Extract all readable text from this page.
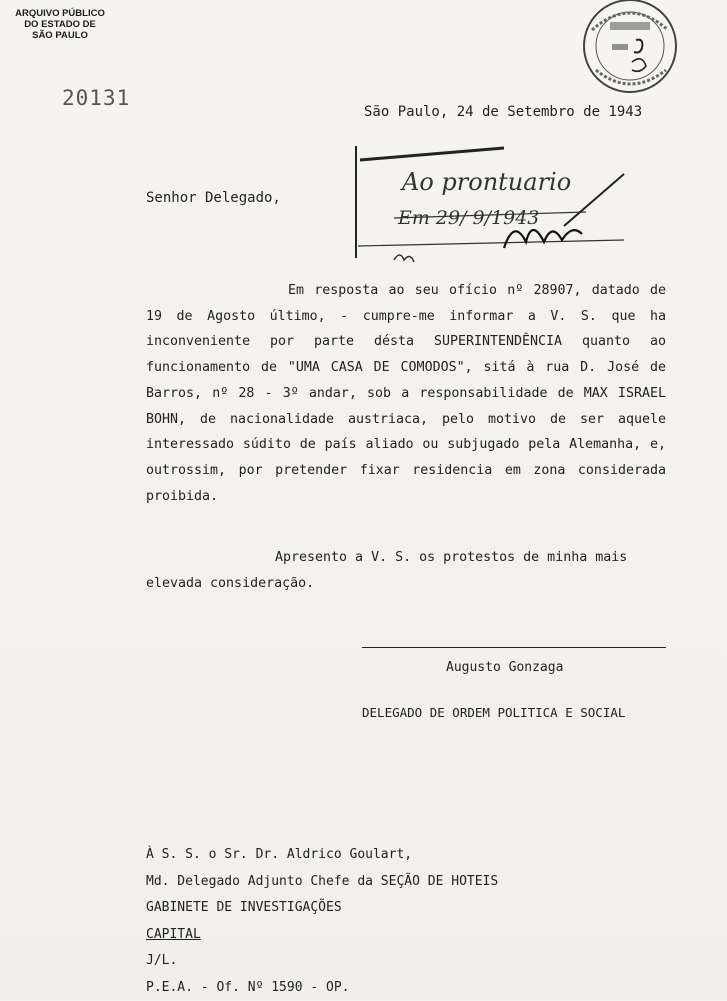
ARQUIVO PÚBLICO
DO ESTADO DE
SÃO PAULO
20131
São Paulo, 24 de Setembro de 1943
Ao prontuario
Em 29/ 9/1943
Senhor Delegado,

Em resposta ao seu ofício nº 28907, datado de 19 de Agosto último, - cumpre-me informar a V. S. que ha inconveniente por parte désta SUPERINTENDÊNCIA quanto ao funcionamento de "UMA CASA DE COMODOS", sitá à rua D. José de Barros, nº 28 - 3º andar, sob a responsabilidade de MAX ISRAEL BOHN, de nacionalidade austriaca, pelo motivo de ser aquele interessado súdito de país aliado ou subjugado pela Alemanha, e, outrossim, por pretender fixar residencia em zona considerada proibida.

Apresento a V. S. os protestos de minha mais elevada consideração.

Augusto Gonzaga
DELEGADO DE ORDEM POLITICA E SOCIAL
À S. S. o Sr. Dr. Aldrico Goulart,
Md. Delegado Adjunto Chefe da SEÇÃO DE HOTEIS
GABINETE DE INVESTIGAÇÕES
CAPITAL
J/L.
P.E.A. - Of. Nº 1590 - OP.
